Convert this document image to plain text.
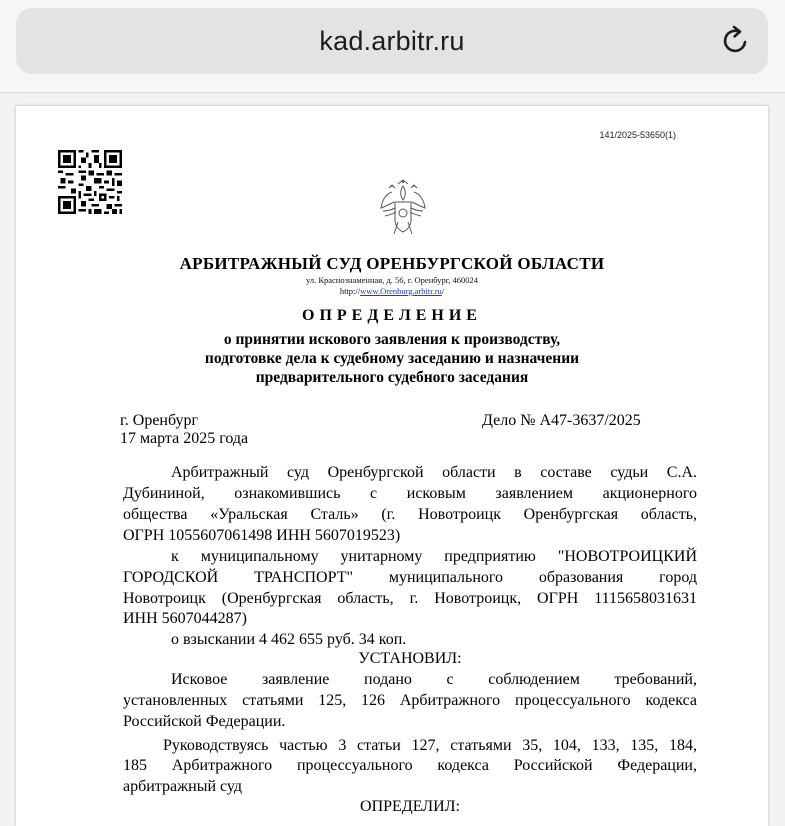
kad.arbitr.ru
141/2025-53650(1)
АРБИТРАЖНЫЙ СУД ОРЕНБУРГСКОЙ ОБЛАСТИ
ул. Краснознаменная, д. 56, г. Оренбург, 460024
http://www.Orenburg.arbitr.ru/
ОПРЕДЕЛЕНИЕ
о принятии искового заявления к производству,
подготовке дела к судебному заседанию и назначении
предварительного судебного заседания
г. Оренбург
17 марта 2025 года
Дело № А47-3637/2025
Арбитражный суд Оренбургской области в составе судьи С.А.
Дубининой, ознакомившись с исковым заявлением акционерного
общества «Уральская Сталь» (г. Новотроицк Оренбургская область,
ОГРН 1055607061498 ИНН 5607019523)
к муниципальному унитарному предприятию "НОВОТРОИЦКИЙ
ГОРОДСКОЙ ТРАНСПОРТ" муниципального образования город
Новотроицк (Оренбургская область, г. Новотроицк, ОГРН 1115658031631
ИНН 5607044287)
о взыскании 4 462 655 руб. 34 коп.
УСТАНОВИЛ:
Исковое заявление подано с соблюдением требований,
установленных статьями 125, 126 Арбитражного процессуального кодекса
Российской Федерации.
Руководствуясь частью 3 статьи 127, статьями 35, 104, 133, 135, 184,
185 Арбитражного процессуального кодекса Российской Федерации,
арбитражный суд
ОПРЕДЕЛИЛ:
